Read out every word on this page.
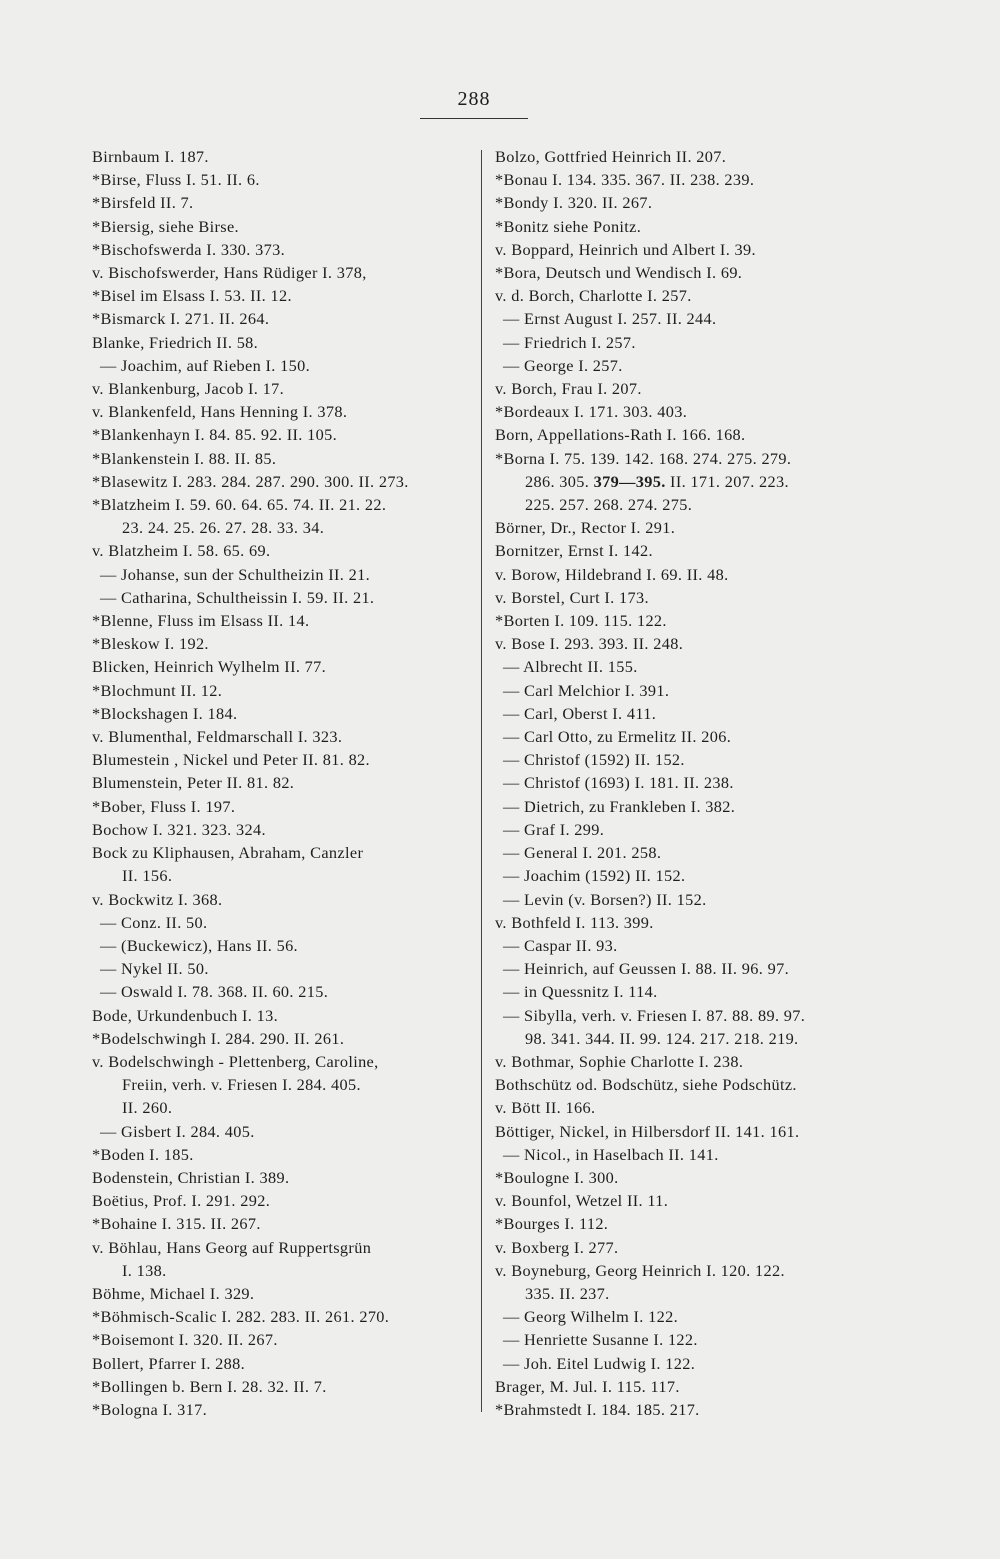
288
Birnbaum I. 187.
*Birse, Fluss I. 51. II. 6.
*Birsfeld II. 7.
*Biersig, siehe Birse.
*Bischofswerda I. 330. 373.
v. Bischofswerder, Hans Rüdiger I. 378,
*Bisel im Elsass I. 53. II. 12.
*Bismarck I. 271. II. 264.
Blanke, Friedrich II. 58.
— Joachim, auf Rieben I. 150.
v. Blankenburg, Jacob I. 17.
v. Blankenfeld, Hans Henning I. 378.
*Blankenhayn I. 84. 85. 92. II. 105.
*Blankenstein I. 88. II. 85.
*Blasewitz I. 283. 284. 287. 290. 300. II. 273.
*Blatzheim I. 59. 60. 64. 65. 74. II. 21. 22.
23. 24. 25. 26. 27. 28. 33. 34.
v. Blatzheim I. 58. 65. 69.
— Johanse, sun der Schultheizin II. 21.
— Catharina, Schultheissin I. 59. II. 21.
*Blenne, Fluss im Elsass II. 14.
*Bleskow I. 192.
Blicken, Heinrich Wylhelm II. 77.
*Blochmunt II. 12.
*Blockshagen I. 184.
v. Blumenthal, Feldmarschall I. 323.
Blumestein , Nickel und Peter II. 81. 82.
Blumenstein, Peter II. 81. 82.
*Bober, Fluss I. 197.
Bochow I. 321. 323. 324.
Bock zu Kliphausen, Abraham, Canzler
II. 156.
v. Bockwitz I. 368.
— Conz. II. 50.
— (Buckewicz), Hans II. 56.
— Nykel II. 50.
— Oswald I. 78. 368. II. 60. 215.
Bode, Urkundenbuch I. 13.
*Bodelschwingh I. 284. 290. II. 261.
v. Bodelschwingh - Plettenberg, Caroline,
Freiin, verh. v. Friesen I. 284. 405.
II. 260.
— Gisbert I. 284. 405.
*Boden I. 185.
Bodenstein, Christian I. 389.
Boëtius, Prof. I. 291. 292.
*Bohaine I. 315. II. 267.
v. Böhlau, Hans Georg auf Ruppertsgrün
I. 138.
Böhme, Michael I. 329.
*Böhmisch-Scalic I. 282. 283. II. 261. 270.
*Boisemont I. 320. II. 267.
Bollert, Pfarrer I. 288.
*Bollingen b. Bern I. 28. 32. II. 7.
*Bologna I. 317.
Bolzo, Gottfried Heinrich II. 207.
*Bonau I. 134. 335. 367. II. 238. 239.
*Bondy I. 320. II. 267.
*Bonitz siehe Ponitz.
v. Boppard, Heinrich und Albert I. 39.
*Bora, Deutsch und Wendisch I. 69.
v. d. Borch, Charlotte I. 257.
— Ernst August I. 257. II. 244.
— Friedrich I. 257.
— George I. 257.
v. Borch, Frau I. 207.
*Bordeaux I. 171. 303. 403.
Born, Appellations-Rath I. 166. 168.
*Borna I. 75. 139. 142. 168. 274. 275. 279.
286. 305. 379—395. II. 171. 207. 223.
225. 257. 268. 274. 275.
Börner, Dr., Rector I. 291.
Bornitzer, Ernst I. 142.
v. Borow, Hildebrand I. 69. II. 48.
v. Borstel, Curt I. 173.
*Borten I. 109. 115. 122.
v. Bose I. 293. 393. II. 248.
— Albrecht II. 155.
— Carl Melchior I. 391.
— Carl, Oberst I. 411.
— Carl Otto, zu Ermelitz II. 206.
— Christof (1592) II. 152.
— Christof (1693) I. 181. II. 238.
— Dietrich, zu Frankleben I. 382.
— Graf I. 299.
— General I. 201. 258.
— Joachim (1592) II. 152.
— Levin (v. Borsen?) II. 152.
v. Bothfeld I. 113. 399.
— Caspar II. 93.
— Heinrich, auf Geussen I. 88. II. 96. 97.
— in Quessnitz I. 114.
— Sibylla, verh. v. Friesen I. 87. 88. 89. 97.
98. 341. 344. II. 99. 124. 217. 218. 219.
v. Bothmar, Sophie Charlotte I. 238.
Bothschütz od. Bodschütz, siehe Podschütz.
v. Bött II. 166.
Böttiger, Nickel, in Hilbersdorf II. 141. 161.
— Nicol., in Haselbach II. 141.
*Boulogne I. 300.
v. Bounfol, Wetzel II. 11.
*Bourges I. 112.
v. Boxberg I. 277.
v. Boyneburg, Georg Heinrich I. 120. 122.
335. II. 237.
— Georg Wilhelm I. 122.
— Henriette Susanne I. 122.
— Joh. Eitel Ludwig I. 122.
Brager, M. Jul. I. 115. 117.
*Brahmstedt I. 184. 185. 217.
